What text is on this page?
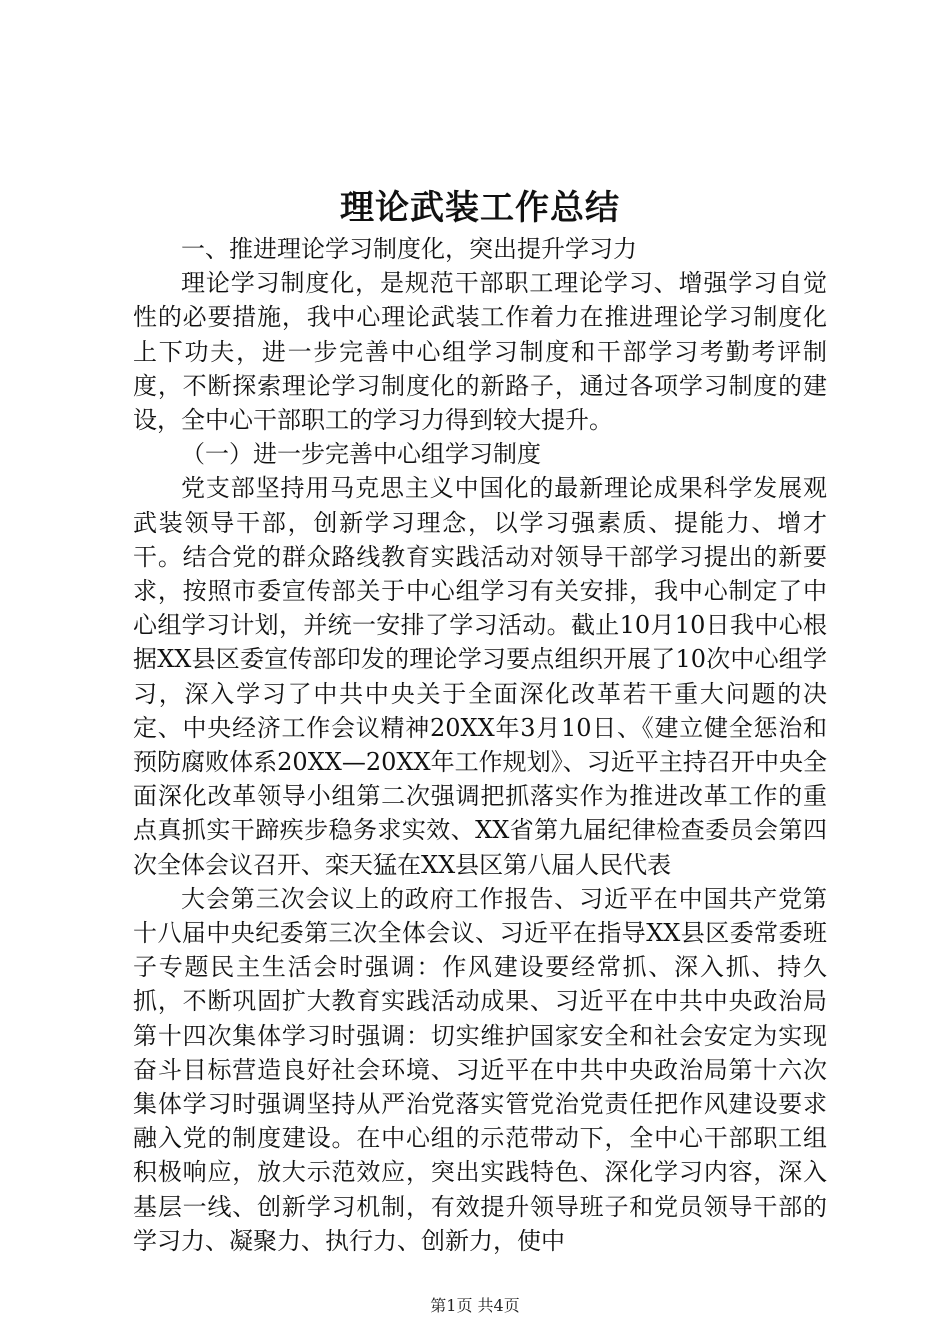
理论武装工作总结

一、推进理论学习制度化，突出提升学习力

理论学习制度化，是规范干部职工理论学习、增强学习自觉性的必要措施，我中心理论武装工作着力在推进理论学习制度化上下功夫，进一步完善中心组学习制度和干部学习考勤考评制度，不断探索理论学习制度化的新路子，通过各项学习制度的建设，全中心干部职工的学习力得到较大提升。

（一）进一步完善中心组学习制度

党支部坚持用马克思主义中国化的最新理论成果科学发展观武装领导干部，创新学习理念，以学习强素质、提能力、增才干。结合党的群众路线教育实践活动对领导干部学习提出的新要求，按照市委宣传部关于中心组学习有关安排，我中心制定了中心组学习计划，并统一安排了学习活动。截止10月10日我中心根据XX县区委宣传部印发的理论学习要点组织开展了10次中心组学习，深入学习了中共中央关于全面深化改革若干重大问题的决定、中央经济工作会议精神20XX年3月10日、《建立健全惩治和预防腐败体系20XX—20XX年工作规划》、习近平主持召开中央全面深化改革领导小组第二次强调把抓落实作为推进改革工作的重点真抓实干蹄疾步稳务求实效、XX省第九届纪律检查委员会第四次全体会议召开、栾天猛在XX县区第八届人民代表

大会第三次会议上的政府工作报告、习近平在中国共产党第十八届中央纪委第三次全体会议、习近平在指导XX县区委常委班子专题民主生活会时强调：作风建设要经常抓、深入抓、持久抓，不断巩固扩大教育实践活动成果、习近平在中共中央政治局第十四次集体学习时强调：切实维护国家安全和社会安定为实现奋斗目标营造良好社会环境、习近平在中共中央政治局第十六次集体学习时强调坚持从严治党落实管党治党责任把作风建设要求融入党的制度建设。在中心组的示范带动下，全中心干部职工组积极响应，放大示范效应，突出实践特色、深化学习内容，深入基层一线、创新学习机制，有效提升领导班子和党员领导干部的学习力、凝聚力、执行力、创新力，使中

第1页 共4页
